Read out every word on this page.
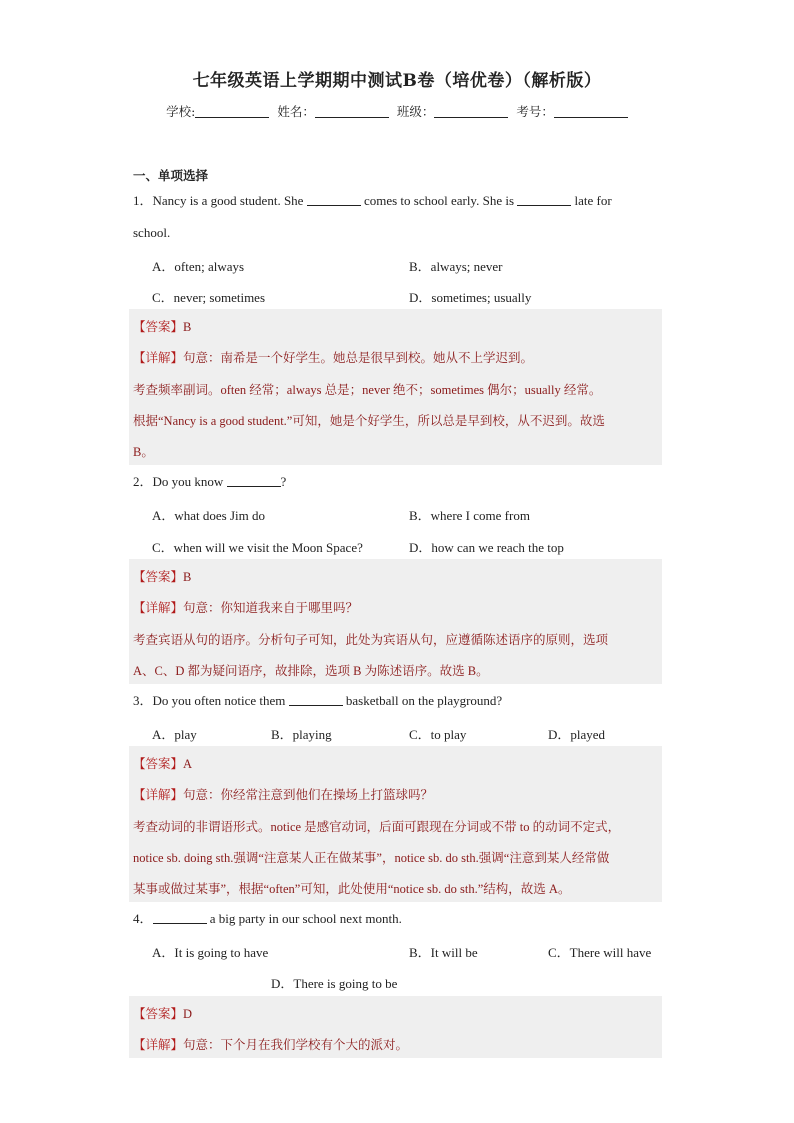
七年级英语上学期期中测试B卷（培优卷）（解析版）
学校:	姓名：	班级：	考号：
一、单项选择
1．Nancy is a good student. She	comes to school early. She is	late for
school.
A．often; always	B．always; never
C．never; sometimes	D．sometimes; usually
【答案】B
【详解】句意：南希是一个好学生。她总是很早到校。她从不上学迟到。
考查频率副词。often 经常；always 总是；never 绝不；sometimes 偶尔；usually 经常。
根据“Nancy is a good student.”可知，她是个好学生，所以总是早到校，从不迟到。故选
B。
2．Do you know	?
A．what does Jim do	B．where I come from
C．when will we visit the Moon Space?	D．how can we reach the top
【答案】B
【详解】句意：你知道我来自于哪里吗？
考查宾语从句的语序。分析句子可知，此处为宾语从句，应遵循陈述语序的原则，选项
A、C、D 都为疑问语序，故排除，选项 B 为陈述语序。故选 B。
3．Do you often notice them	basketball on the playground?
A．play	B．playing	C．to play	D．played
【答案】A
【详解】句意：你经常注意到他们在操场上打篮球吗？
考查动词的非谓语形式。notice 是感官动词，后面可跟现在分词或不带 to 的动词不定式，
notice sb. doing sth.强调“注意某人正在做某事”，notice sb. do sth.强调“注意到某人经常做
某事或做过某事”，根据“often”可知，此处使用“notice sb. do sth.”结构，故选 A。
4．	a big party in our school next month.
A．It is going to have	B．It will be	C．There will have
D．There is going to be
【答案】D
【详解】句意：下个月在我们学校有个大的派对。
